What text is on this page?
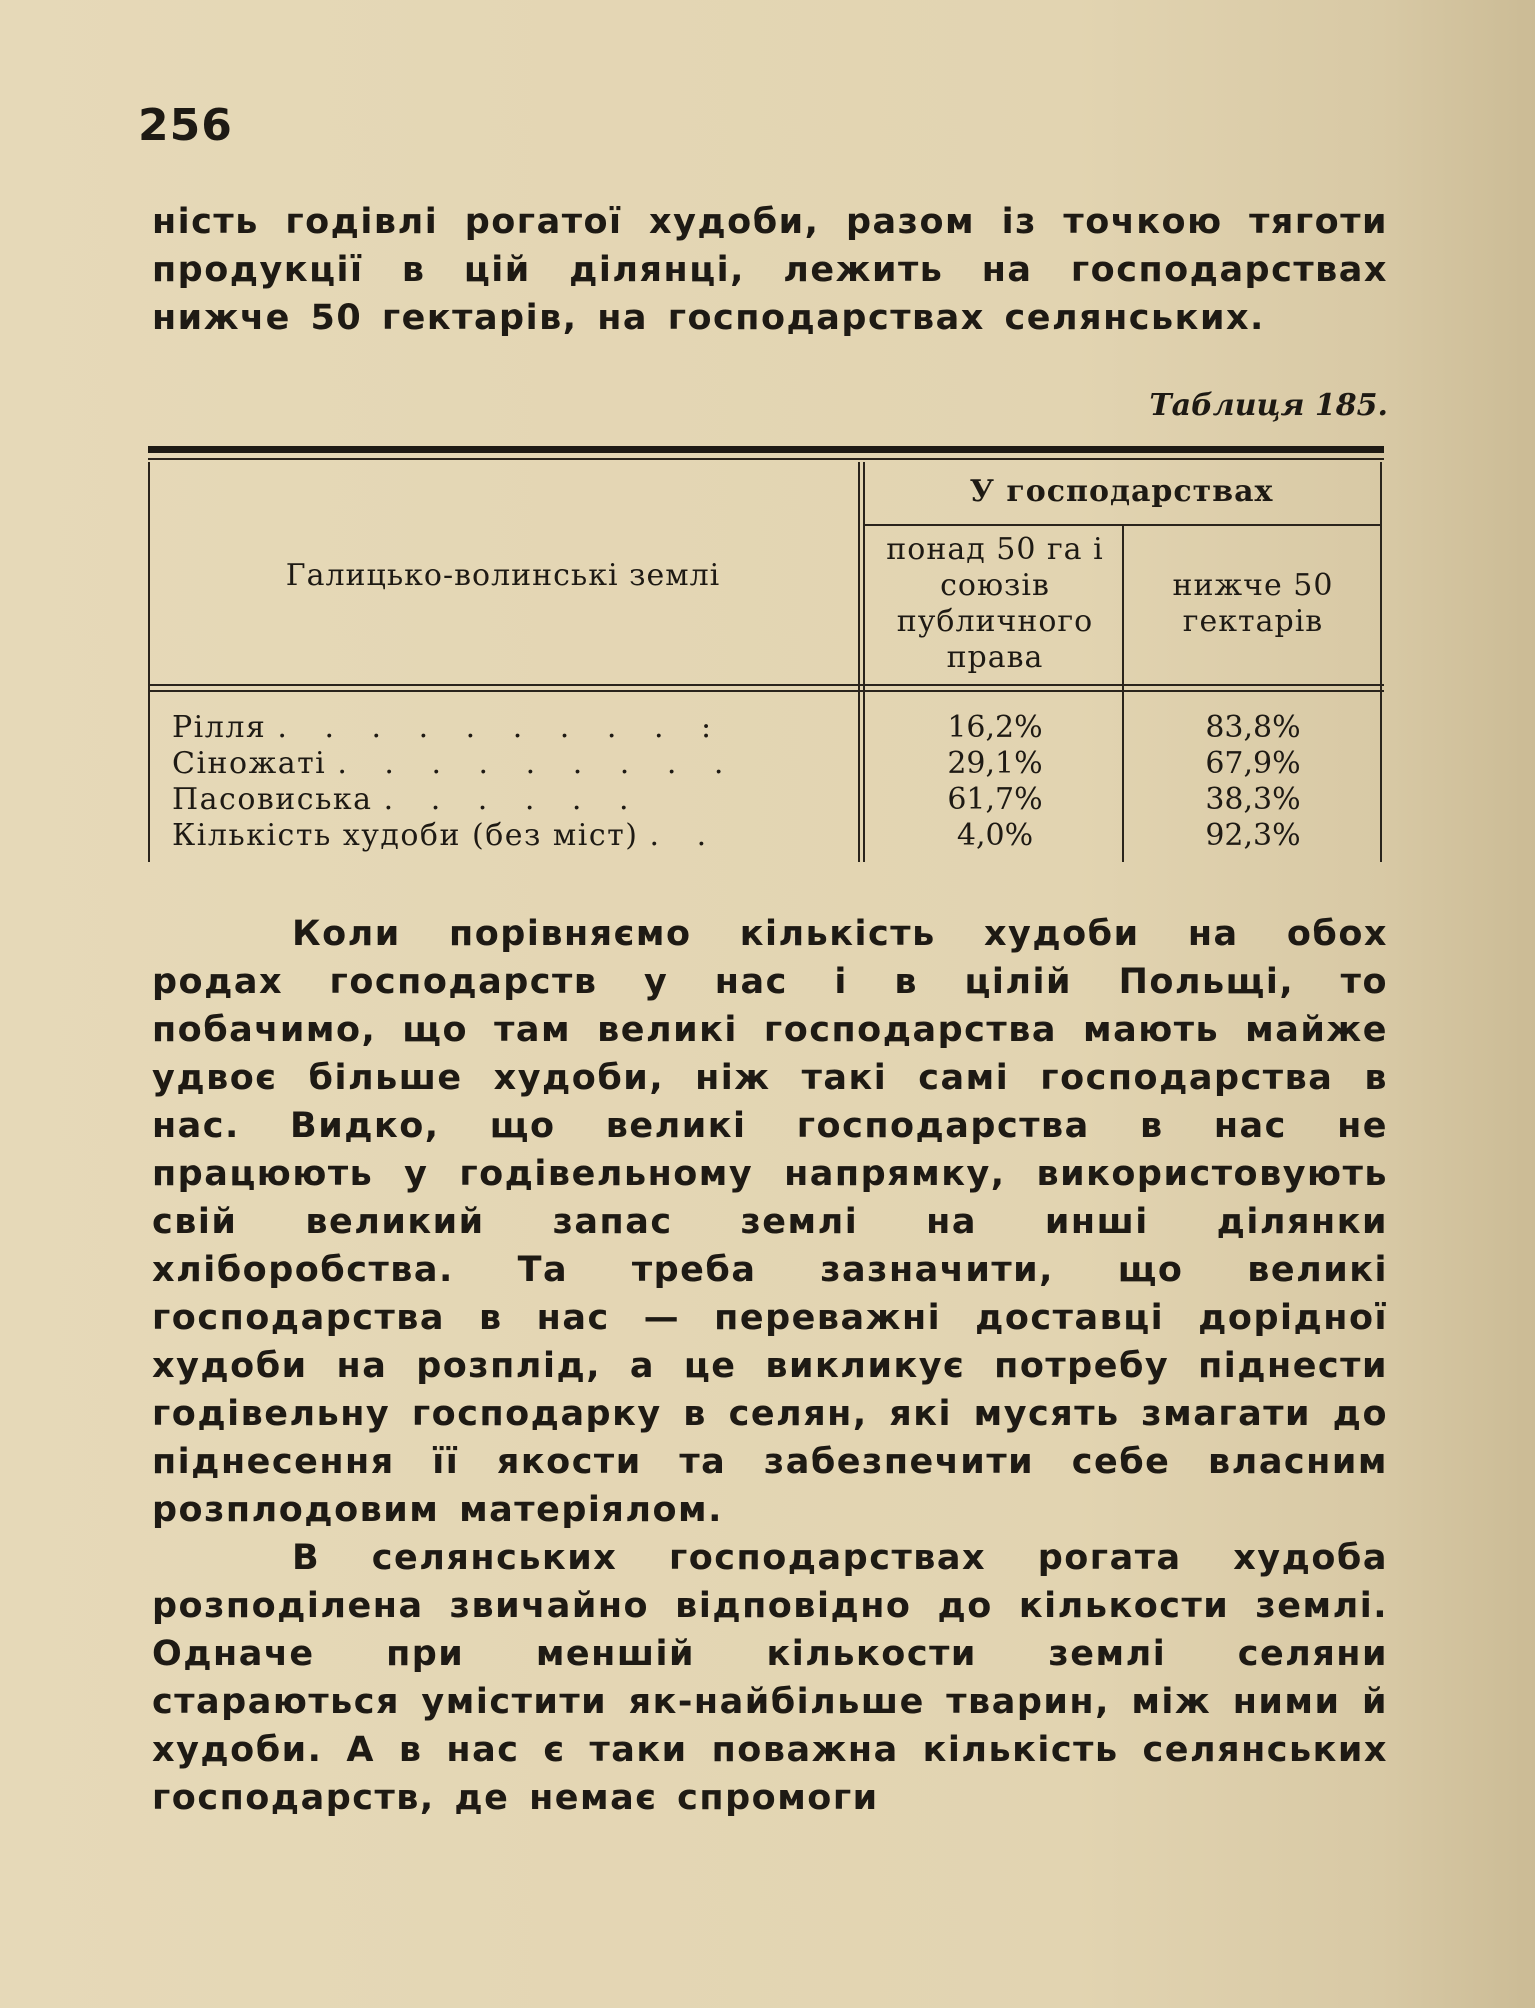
256
ність годівлі рогатої худоби, разом із точкою тяготи продукції в цій ділянці, лежить на господарствах нижче 50 гектарів, на господарствах селянських.
Таблиця 185.
Галицько-волинські землі
У господарствах
понад 50 га і союзів публичного права
нижче 50 гектарів
Рілля . . . . . . . . . :	16,2%	83,8%
Сіножаті . . . . . . . . .	29,1%	67,9%
Пасовиська . . . . . .	61,7%	38,3%
Кількість худоби (без міст) . .	4,0%	92,3%
Коли порівняємо кількість худоби на обох родах господарств у нас і в цілій Польщі, то побачимо, що там великі господарства мають майже удвоє більше худоби, ніж такі самі господарства в нас. Видко, що великі господарства в нас не працюють у годівельному напрямку, використовують свій великий запас землі на инші ділянки хліборобства. Та треба зазначити, що великі господарства в нас — переважні доставці дорідної худоби на розплід, а це викликує потребу піднести годівельну господарку в селян, які мусять змагати до піднесення її якости та забезпечити себе власним розплодовим матеріялом.
В селянських господарствах рогата худоба розподілена звичайно відповідно до кількости землі. Одначе при меншій кількости землі селяни стараються умістити як-найбільше тварин, між ними й худоби. А в нас є таки поважна кількість селянських господарств, де немає спромоги
